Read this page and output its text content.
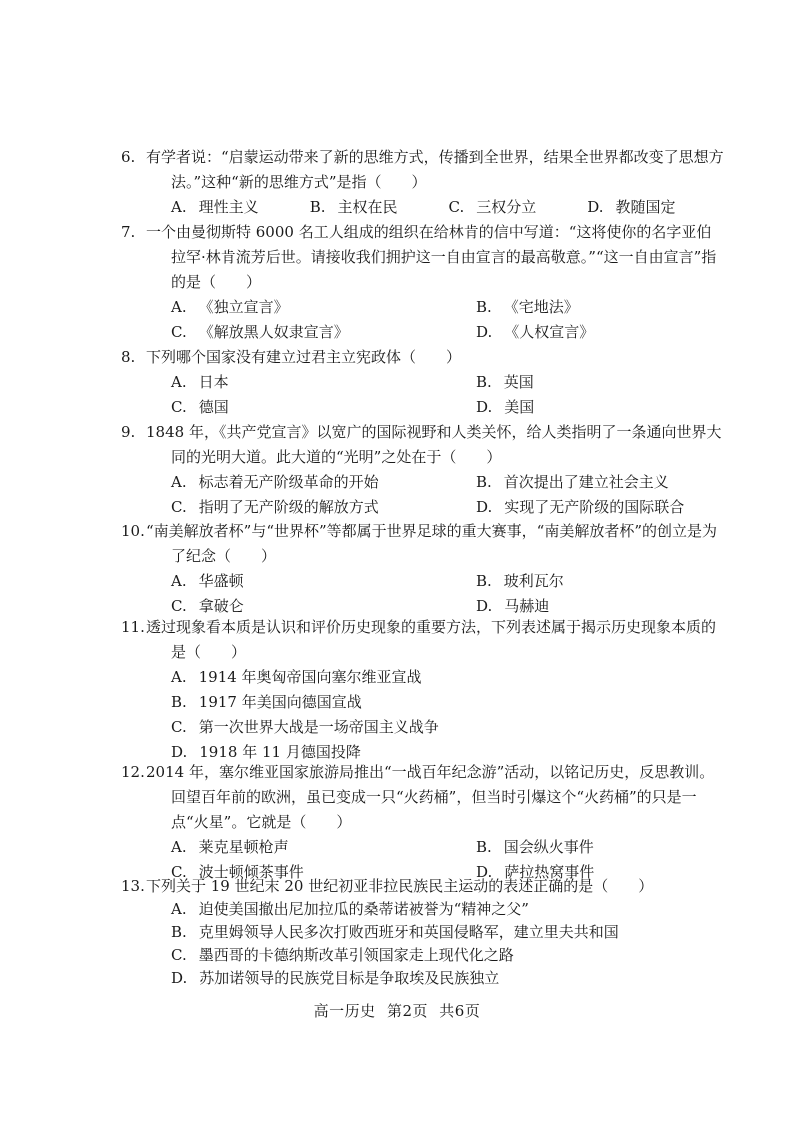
6. 有学者说：“启蒙运动带来了新的思维方式，传播到全世界，结果全世界都改变了思想方法。”这种“新的思维方式”是指（　　）

A. 理性主义	B. 主权在民	C. 三权分立	D. 教随国定

7. 一个由曼彻斯特 6000 名工人组成的组织在给林肯的信中写道：“这将使你的名字亚伯拉罕·林肯流芳后世。请接收我们拥护这一自由宣言的最高敬意。”“这一自由宣言”指的是（　　）

A. 《独立宣言》	B. 《宅地法》
C. 《解放黑人奴隶宣言》	D. 《人权宣言》

8. 下列哪个国家没有建立过君主立宪政体（　　）

A. 日本	B. 英国
C. 德国	D. 美国

9. 1848 年，《共产党宣言》以宽广的国际视野和人类关怀，给人类指明了一条通向世界大同的光明大道。此大道的“光明”之处在于（　　）

A. 标志着无产阶级革命的开始	B. 首次提出了建立社会主义
C. 指明了无产阶级的解放方式	D. 实现了无产阶级的国际联合

10.“南美解放者杯”与“世界杯”等都属于世界足球的重大赛事，“南美解放者杯”的创立是为了纪念（　　）

A. 华盛顿	B. 玻利瓦尔
C. 拿破仑	D. 马赫迪

11.透过现象看本质是认识和评价历史现象的重要方法，下列表述属于揭示历史现象本质的是（　　）

A. 1914 年奥匈帝国向塞尔维亚宣战
B. 1917 年美国向德国宣战
C. 第一次世界大战是一场帝国主义战争
D. 1918 年 11 月德国投降

12.2014 年，塞尔维亚国家旅游局推出“一战百年纪念游”活动，以铭记历史，反思教训。回望百年前的欧洲，虽已变成一只“火药桶”，但当时引爆这个“火药桶”的只是一点“火星”。它就是（　　）

A. 莱克星顿枪声	B. 国会纵火事件
C. 波士顿倾茶事件	D. 萨拉热窝事件

13.下列关于 19 世纪末 20 世纪初亚非拉民族民主运动的表述正确的是（　　）

A. 迫使美国撤出尼加拉瓜的桑蒂诺被誉为“精神之父”
B. 克里姆领导人民多次打败西班牙和英国侵略军，建立里夫共和国
C. 墨西哥的卡德纳斯改革引领国家走上现代化之路
D. 苏加诺领导的民族党目标是争取埃及民族独立
高一历史 第2页 共6页
